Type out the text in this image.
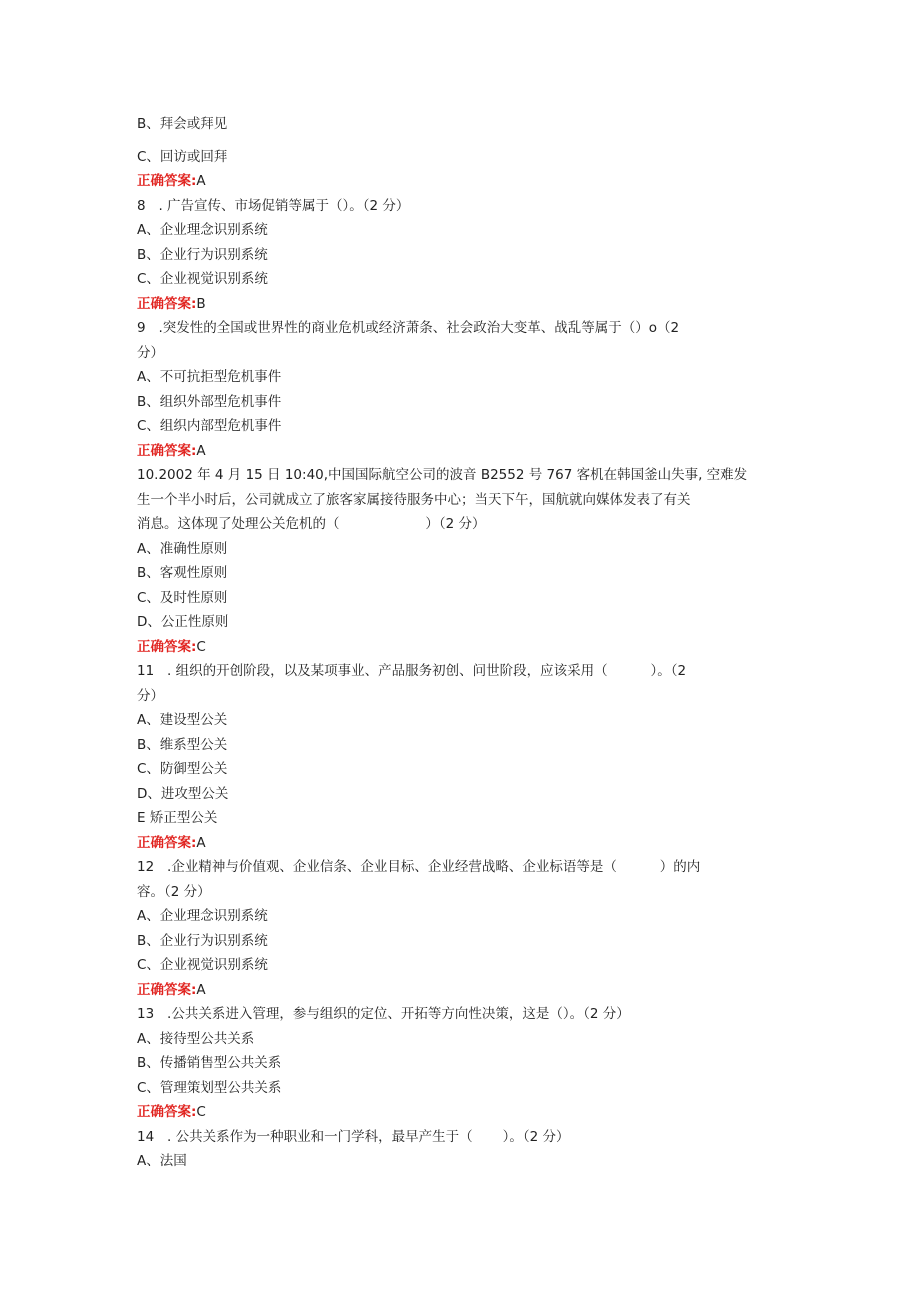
B、拜会或拜见
C、回访或回拜
正确答案:A
8   . 广告宣传、市场促销等属于（）。（2 分）
A、企业理念识别系统
B、企业行为识别系统
C、企业视觉识别系统
正确答案:B
9   .突发性的全国或世界性的商业危机或经济萧条、社会政治大变革、战乱等属于（）o（2
分）
A、不可抗拒型危机事件
B、组织外部型危机事件
C、组织内部型危机事件
正确答案:A
10.2002 年 4 月 15 日 10:40,中国国际航空公司的波音 B2552 号 767 客机在韩国釜山失事, 空难发
生一个半小时后，公司就成立了旅客家属接待服务中心；当天下午，国航就向媒体发表了有关
消息。这体现了处理公关危机的（                    ）（2 分）
A、准确性原则
B、客观性原则
C、及时性原则
D、公正性原则
正确答案:C
11   . 组织的开创阶段，以及某项事业、产品服务初创、问世阶段，应该采用（          ）。（2
分）
A、建设型公关
B、维系型公关
C、防御型公关
D、进攻型公关
E 矫正型公关
正确答案:A
12   .企业精神与价值观、企业信条、企业目标、企业经营战略、企业标语等是（          ）的内
容。（2 分）
A、企业理念识别系统
B、企业行为识别系统
C、企业视觉识别系统
正确答案:A
13   .公共关系进入管理，参与组织的定位、开拓等方向性决策，这是（）。（2 分）
A、接待型公共关系
B、传播销售型公共关系
C、管理策划型公共关系
正确答案:C
14   . 公共关系作为一种职业和一门学科，最早产生于（       ）。（2 分）
A、法国
